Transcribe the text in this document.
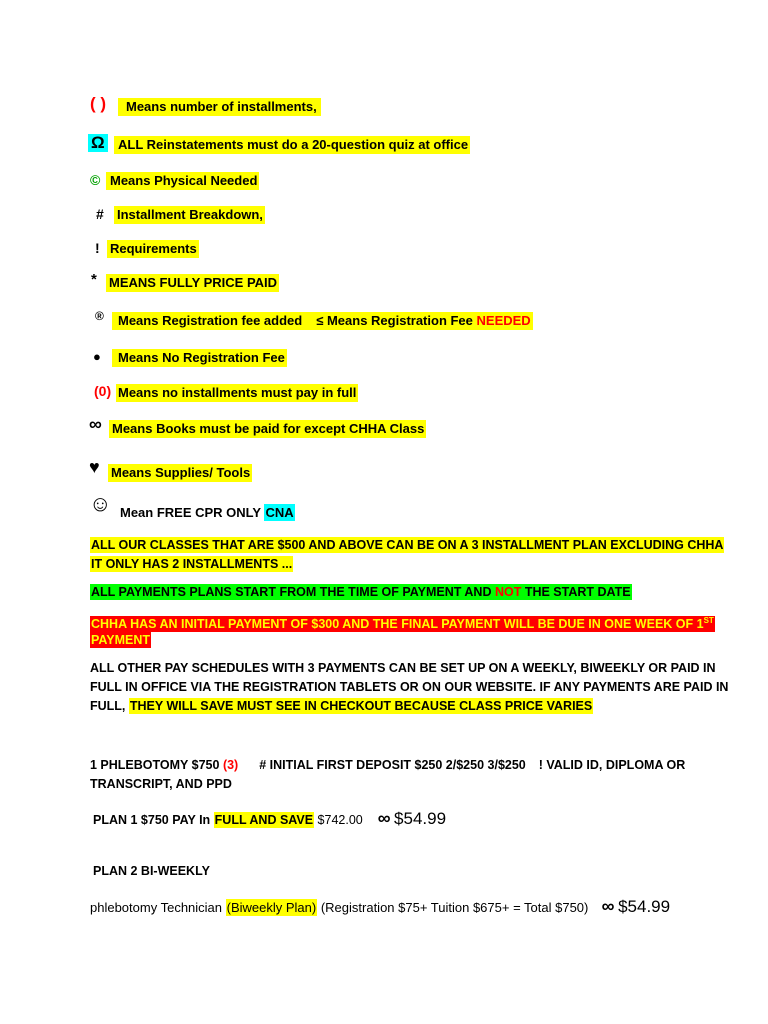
( )	Means number of installments,
Ω	ALL Reinstatements must do a 20-question quiz at office
© Means Physical Needed
# Installment Breakdown,
! Requirements
* MEANS FULLY PRICE PAID
®	Means Registration fee added ≤ Means Registration Fee NEEDED
●	Means No Registration Fee
(0) Means no installments must pay in full
∞ Means Books must be paid for except CHHA Class
♥ Means Supplies/ Tools
☺ Mean FREE CPR ONLY CNA
ALL OUR CLASSES THAT ARE $500 AND ABOVE CAN BE ON A 3 INSTALLMENT PLAN EXCLUDING CHHA
IT ONLY HAS 2 INSTALLMENTS ...
ALL PAYMENTS PLANS START FROM THE TIME OF PAYMENT AND NOT THE START DATE
CHHA HAS AN INITIAL PAYMENT OF $300 AND THE FINAL PAYMENT WILL BE DUE IN ONE WEEK OF 1ST
PAYMENT
ALL OTHER PAY SCHEDULES WITH 3 PAYMENTS CAN BE SET UP ON A WEEKLY, BIWEEKLY OR PAID IN
FULL IN OFFICE VIA THE REGISTRATION TABLETS OR ON OUR WEBSITE. IF ANY PAYMENTS ARE PAID IN
FULL, THEY WILL SAVE MUST SEE IN CHECKOUT BECAUSE CLASS PRICE VARIES
1 PHLEBOTOMY $750 (3) # INITIAL FIRST DEPOSIT $250 2/$250 3/$250 ! VALID ID, DIPLOMA OR
TRANSCRIPT, AND PPD
PLAN 1 $750 PAY In FULL AND SAVE $742.00 ∞ $54.99
PLAN 2 BI-WEEKLY
phlebotomy Technician (Biweekly Plan) (Registration $75+ Tuition $675+ = Total $750) ∞ $54.99
